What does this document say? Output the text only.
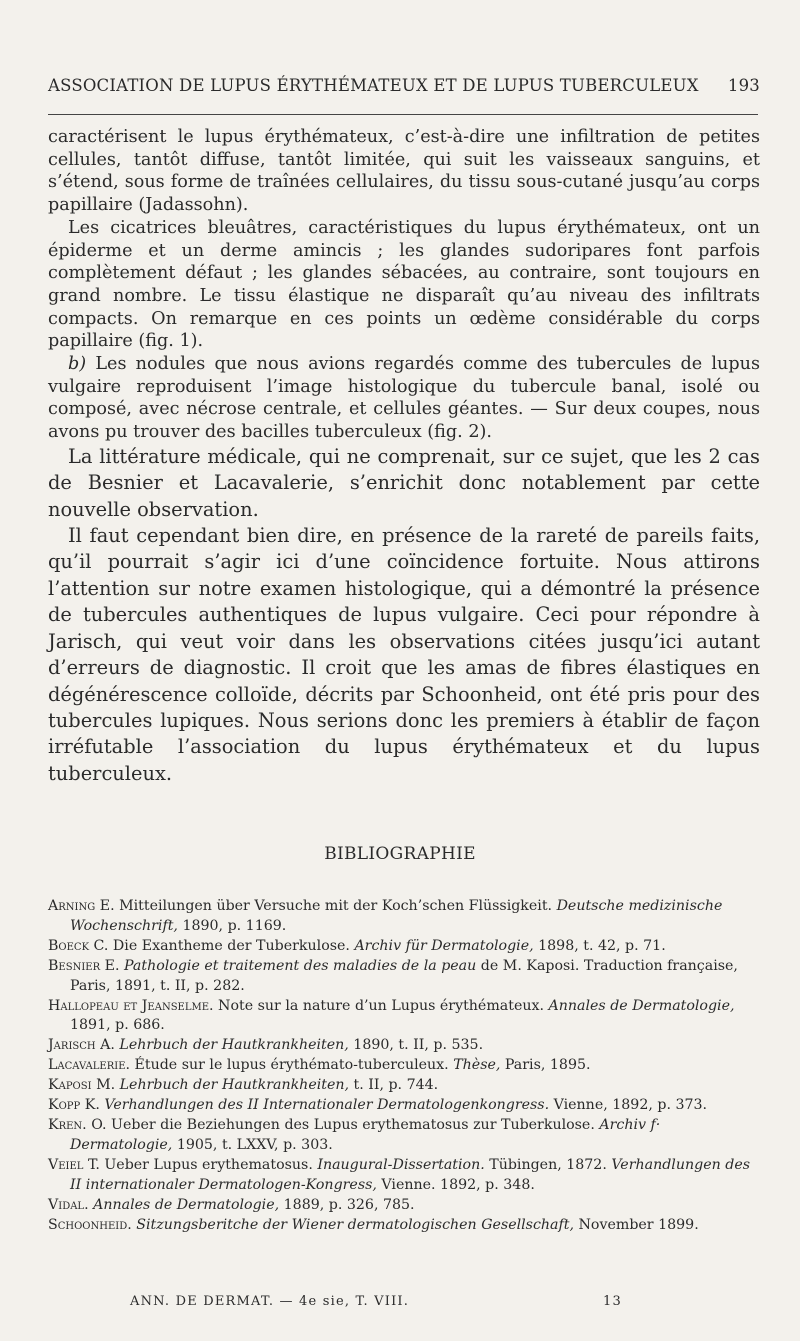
ASSOCIATION DE LUPUS ÉRYTHÉMATEUX ET DE LUPUS TUBERCULEUX 193

caractérisent le lupus érythémateux, c’est-à-dire une infiltration de petites cellules, tantôt diffuse, tantôt limitée, qui suit les vaisseaux sanguins, et s’étend, sous forme de traînées cellulaires, du tissu sous-cutané jusqu’au corps papillaire (Jadassohn).

Les cicatrices bleuâtres, caractéristiques du lupus érythémateux, ont un épiderme et un derme amincis ; les glandes sudoripares font parfois complètement défaut ; les glandes sébacées, au contraire, sont toujours en grand nombre. Le tissu élastique ne disparaît qu’au niveau des infiltrats compacts. On remarque en ces points un œdème considérable du corps papillaire (fig. 1).

b) Les nodules que nous avions regardés comme des tubercules de lupus vulgaire reproduisent l’image histologique du tubercule banal, isolé ou composé, avec nécrose centrale, et cellules géantes. — Sur deux coupes, nous avons pu trouver des bacilles tuberculeux (fig. 2).

La littérature médicale, qui ne comprenait, sur ce sujet, que les 2 cas de Besnier et Lacavalerie, s’enrichit donc notablement par cette nouvelle observation.

Il faut cependant bien dire, en présence de la rareté de pareils faits, qu’il pourrait s’agir ici d’une coïncidence fortuite. Nous attirons l’attention sur notre examen histologique, qui a démontré la présence de tubercules authentiques de lupus vulgaire. Ceci pour répondre à Jarisch, qui veut voir dans les observations citées jusqu’ici autant d’erreurs de diagnostic. Il croit que les amas de fibres élastiques en dégénérescence colloïde, décrits par Schoonheid, ont été pris pour des tubercules lupiques. Nous serions donc les premiers à établir de façon irréfutable l’association du lupus érythémateux et du lupus tuberculeux.

BIBLIOGRAPHIE
Arning E. Mitteilungen über Versuche mit der Koch’schen Flüssigkeit. Deutsche medizinische Wochenschrift, 1890, p. 1169.
Boeck C. Die Exantheme der Tuberkulose. Archiv für Dermatologie, 1898, t. 42, p. 71.
Besnier E. Pathologie et traitement des maladies de la peau de M. Kaposi. Traduction française, Paris, 1891, t. II, p. 282.
Hallopeau et Jeanselme. Note sur la nature d’un Lupus érythémateux. Annales de Dermatologie, 1891, p. 686.
Jarisch A. Lehrbuch der Hautkrankheiten, 1890, t. II, p. 535.
Lacavalerie. Étude sur le lupus érythémato-tuberculeux. Thèse, Paris, 1895.
Kaposi M. Lehrbuch der Hautkrankheiten, t. II, p. 744.
Kopp K. Verhandlungen des II Internationaler Dermatologenkongress. Vienne, 1892, p. 373.
Kren. O. Ueber die Beziehungen des Lupus erythematosus zur Tuberkulose. Archiv f· Dermatologie, 1905, t. LXXV, p. 303.
Veiel T. Ueber Lupus erythematosus. Inaugural-Dissertation. Tübingen, 1872. Verhandlungen des II internationaler Dermatologen-Kongress, Vienne. 1892, p. 348.
Vidal. Annales de Dermatologie, 1889, p. 326, 785.
Schoonheid. Sitzungsberitche der Wiener dermatologischen Gesellschaft, November 1899.
ANN. DE DERMAT. — 4e sie, T. VIII.	13
